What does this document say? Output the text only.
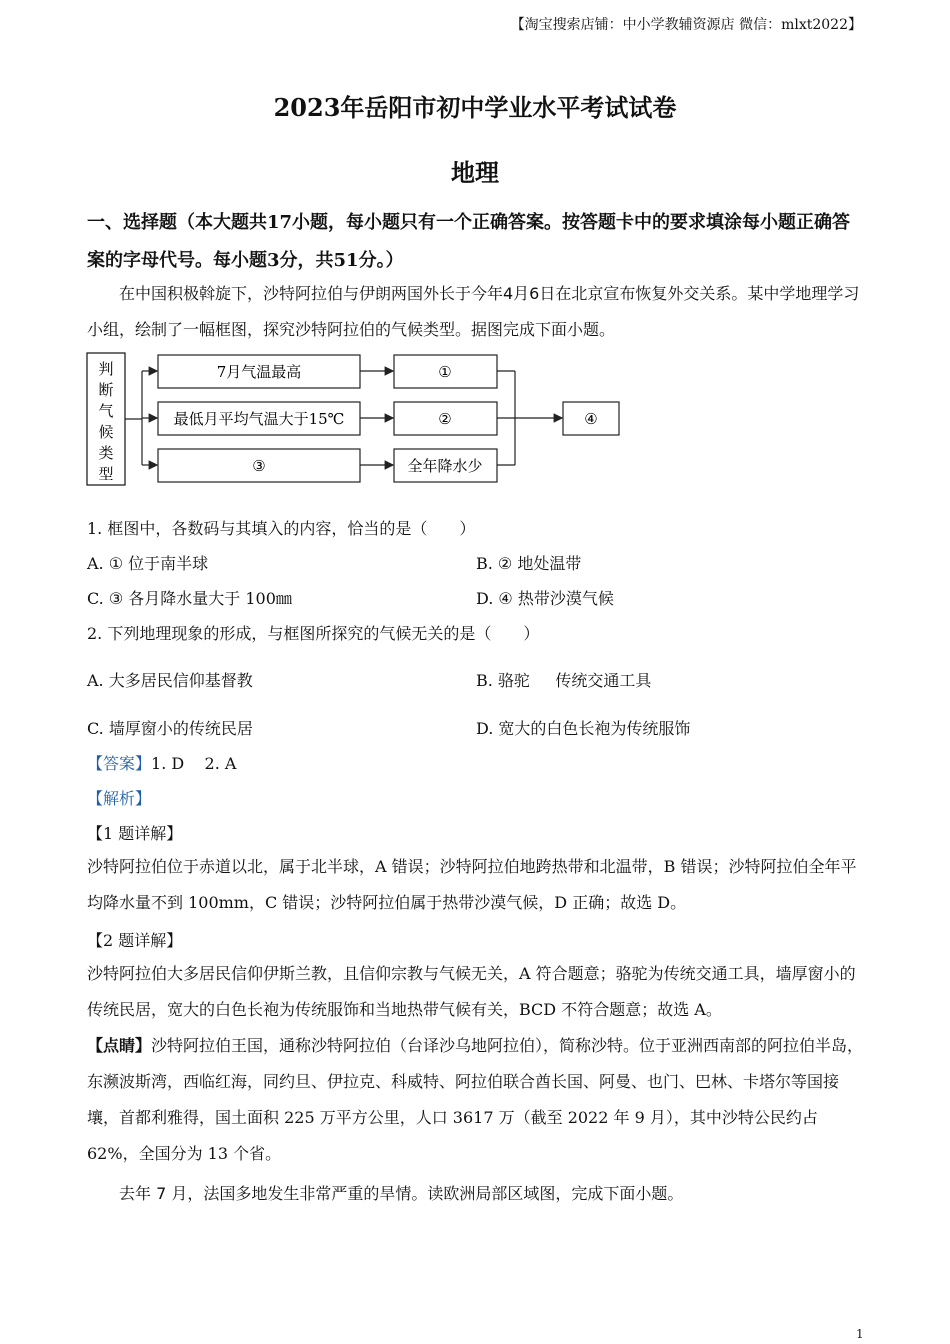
【淘宝搜索店铺：中小学教辅资源店 微信：mlxt2022】
2023年岳阳市初中学业水平考试试卷
地理
一、选择题（本大题共17小题，每小题只有一个正确答案。按答题卡中的要求填涂每小题正确答案的字母代号。每小题3分，共51分。）
在中国积极斡旋下，沙特阿拉伯与伊朗两国外长于今年4月6日在北京宣布恢复外交关系。某中学地理学习小组，绘制了一幅框图，探究沙特阿拉伯的气候类型。据图完成下面小题。
判
断
气
候
类
型
7月气温最高
最低月平均气温大于15℃
③
①
②
全年降水少
④
1. 框图中，各数码与其填入的内容，恰当的是（　　）
A. ① 位于南半球	B. ② 地处温带
C. ③ 各月降水量大于 100㎜	D. ④ 热带沙漠气候
2. 下列地理现象的形成，与框图所探究的气候无关的是（　　）
A. 大多居民信仰基督教	B. 骆驼     传统交通工具
C. 墙厚窗小的传统民居	D. 宽大的白色长袍为传统服饰
【答案】1. D    2. A
【解析】
【1 题详解】
沙特阿拉伯位于赤道以北，属于北半球，A 错误；沙特阿拉伯地跨热带和北温带，B 错误；沙特阿拉伯全年平均降水量不到 100mm，C 错误；沙特阿拉伯属于热带沙漠气候，D 正确；故选 D。
【2 题详解】
沙特阿拉伯大多居民信仰伊斯兰教，且信仰宗教与气候无关，A 符合题意；骆驼为传统交通工具，墙厚窗小的传统民居，宽大的白色长袍为传统服饰和当地热带气候有关，BCD 不符合题意；故选 A。
【点睛】沙特阿拉伯王国，通称沙特阿拉伯（台译沙乌地阿拉伯），简称沙特。位于亚洲西南部的阿拉伯半岛，东濒波斯湾，西临红海，同约旦、伊拉克、科威特、阿拉伯联合酋长国、阿曼、也门、巴林、卡塔尔等国接壤，首都利雅得，国土面积 225 万平方公里，人口 3617 万（截至 2022 年 9 月），其中沙特公民约占 62%，全国分为 13 个省。
去年 7 月，法国多地发生非常严重的旱情。读欧洲局部区域图，完成下面小题。
1
